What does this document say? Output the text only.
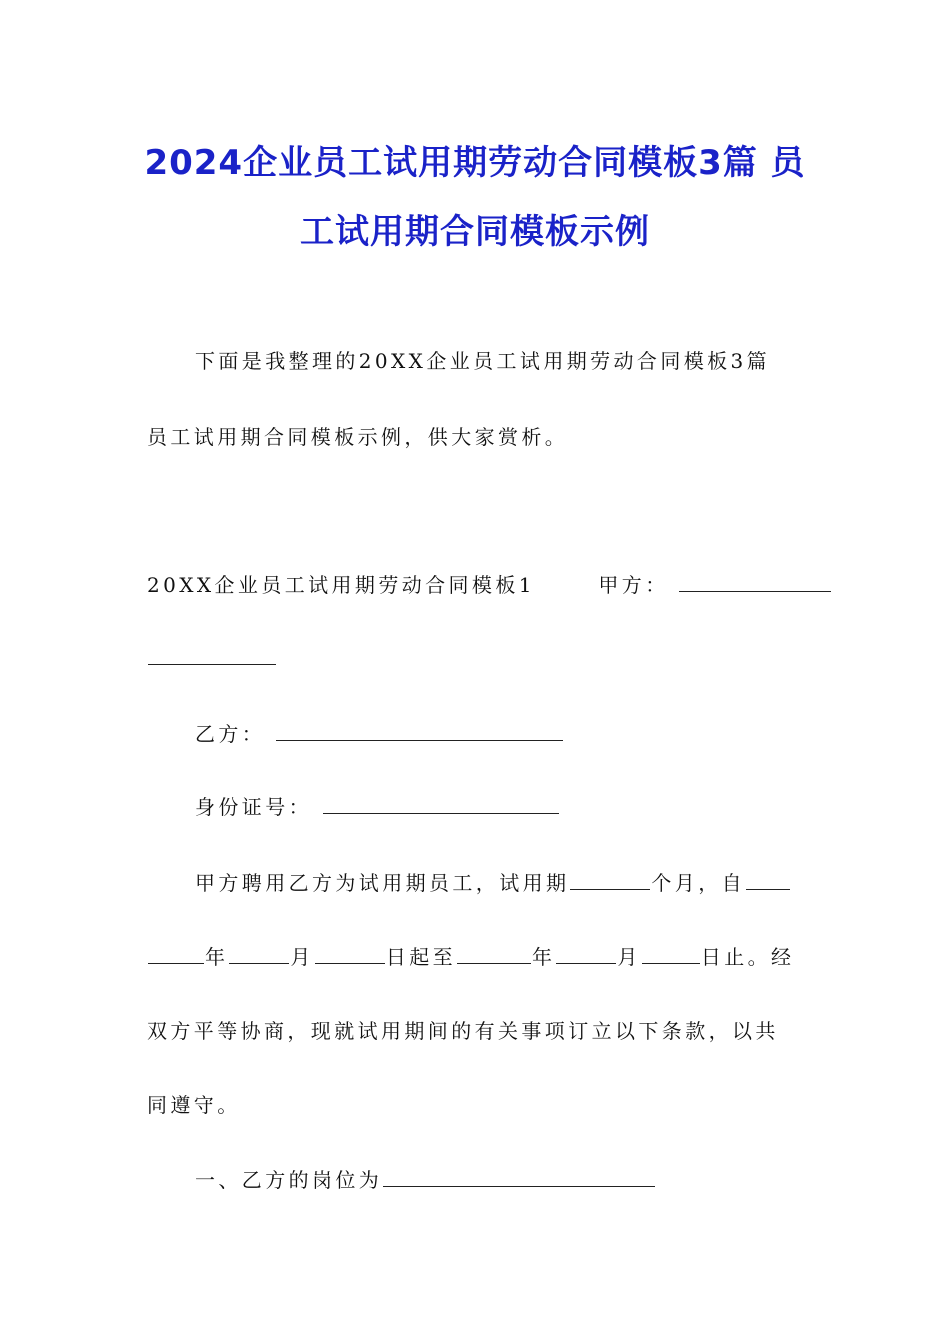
2024企业员工试用期劳动合同模板3篇 员
工试用期合同模板示例
下面是我整理的20XX企业员工试用期劳动合同模板3篇
员工试用期合同模板示例，供大家赏析。
20XX企业员工试用期劳动合同模板1	甲方：
乙方：
身份证号：
甲方聘用乙方为试用期员工，试用期	个月，自
年	月	日起至	年	月	日止。经
双方平等协商，现就试用期间的有关事项订立以下条款，以共
同遵守。
一、乙方的岗位为
